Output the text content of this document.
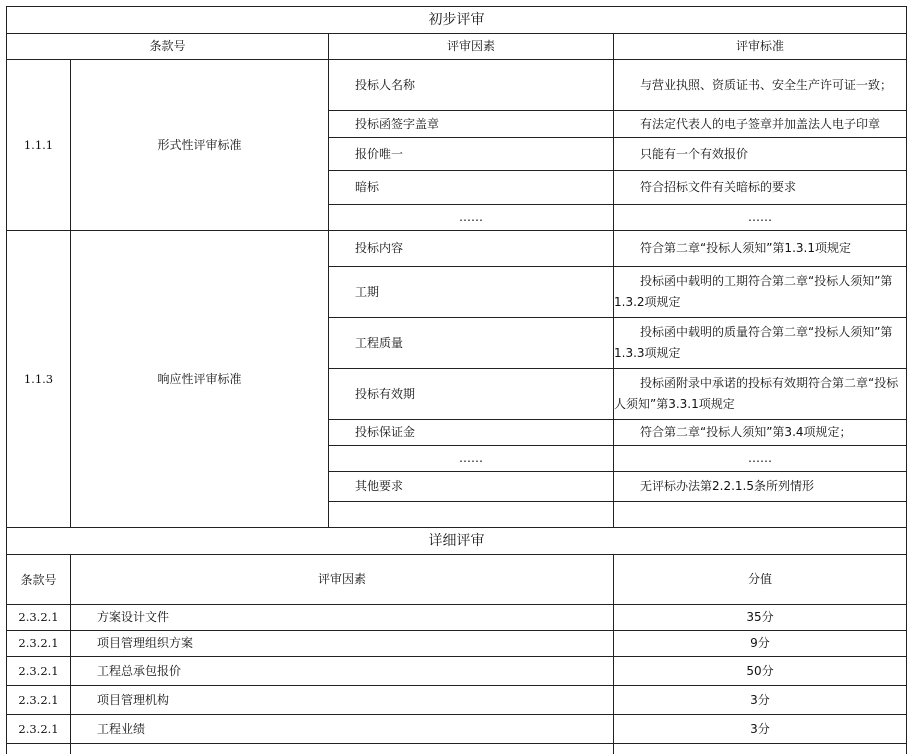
初步评审			
条款号		评审因素	评审标准
1.1.1	形式性评审标准	投标人名称	与营业执照、资质证书、安全生产许可证一致；
		投标函签字盖章	有法定代表人的电子签章并加盖法人电子印章
		报价唯一	只能有一个有效报价
		暗标	符合招标文件有关暗标的要求
		……	……
1.1.3	响应性评审标准	投标内容	符合第二章“投标人须知”第1.3.1项规定
		工期	投标函中载明的工期符合第二章“投标人须知”第1.3.2项规定
		工程质量	投标函中载明的质量符合第二章“投标人须知”第1.3.3项规定
		投标有效期	投标函附录中承诺的投标有效期符合第二章“投标人须知”第3.3.1项规定
		投标保证金	符合第二章“投标人须知”第3.4项规定；
		……	……
		其他要求	无评标办法第2.2.1.5条所列情形

详细评审			
条款号	评审因素		分值
2.3.2.1	方案设计文件		35分
2.3.2.1	项目管理组织方案		9分
2.3.2.1	工程总承包报价		50分
2.3.2.1	项目管理机构		3分
2.3.2.1	工程业绩		3分
